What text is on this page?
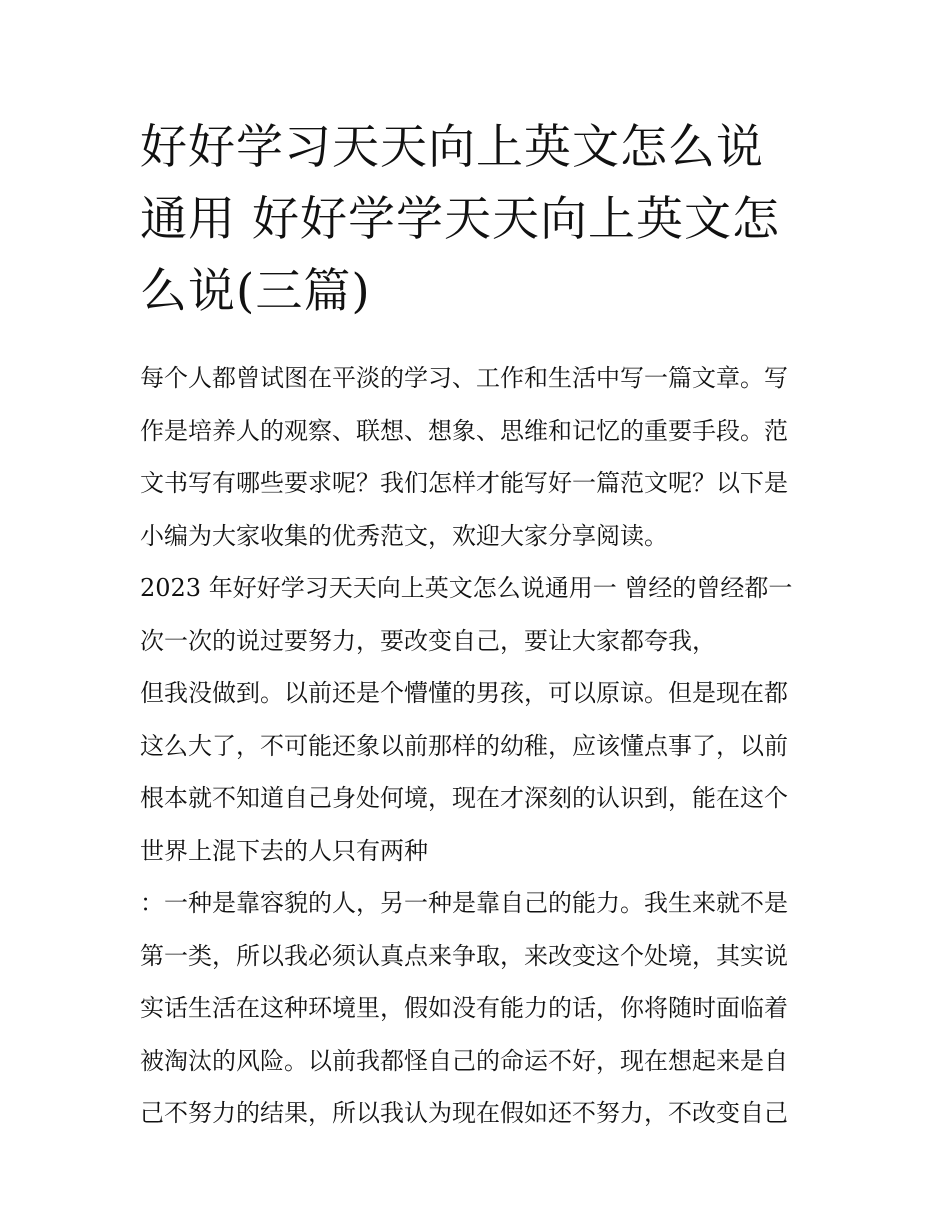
好好学习天天向上英文怎么说
通用 好好学学天天向上英文怎
么说(三篇)
每个人都曾试图在平淡的学习、工作和生活中写一篇文章。写
作是培养人的观察、联想、想象、思维和记忆的重要手段。范
文书写有哪些要求呢？我们怎样才能写好一篇范文呢？以下是
小编为大家收集的优秀范文，欢迎大家分享阅读。
2023 年好好学习天天向上英文怎么说通用一 曾经的曾经都一
次一次的说过要努力，要改变自己，要让大家都夸我，
但我没做到。以前还是个懵懂的男孩，可以原谅。但是现在都
这么大了，不可能还象以前那样的幼稚，应该懂点事了，以前
根本就不知道自己身处何境，现在才深刻的认识到，能在这个
世界上混下去的人只有两种
：一种是靠容貌的人，另一种是靠自己的能力。我生来就不是
第一类，所以我必须认真点来争取，来改变这个处境，其实说
实话生活在这种环境里，假如没有能力的话，你将随时面临着
被淘汰的风险。以前我都怪自己的命运不好，现在想起来是自
己不努力的结果，所以我认为现在假如还不努力，不改变自己
